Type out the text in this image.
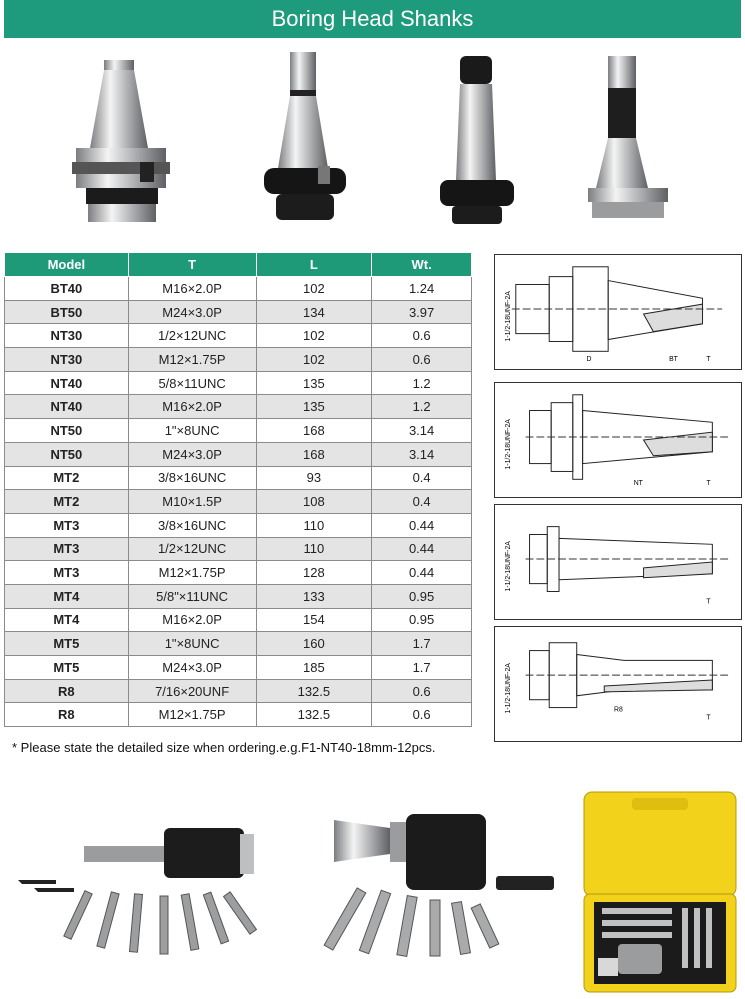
Boring Head Shanks
Model	T	L	Wt.
BT40	M16×2.0P	102	1.24
BT50	M24×3.0P	134	3.97
NT30	1/2×12UNC	102	0.6
NT30	M12×1.75P	102	0.6
NT40	5/8×11UNC	135	1.2
NT40	M16×2.0P	135	1.2
NT50	1"×8UNC	168	3.14
NT50	M24×3.0P	168	3.14
MT2	3/8×16UNC	93	0.4
MT2	M10×1.5P	108	0.4
MT3	3/8×16UNC	110	0.44
MT3	1/2×12UNC	110	0.44
MT3	M12×1.75P	128	0.44
MT4	5/8"×11UNC	133	0.95
MT4	M16×2.0P	154	0.95
MT5	1"×8UNC	160	1.7
MT5	M24×3.0P	185	1.7
R8	7/16×20UNF	132.5	0.6
R8	M12×1.75P	132.5	0.6
1-1/2-18UNF-2A
D	BT	T
1-1/2-18UNF-2A
NT	T
1-1/2-18UNF-2A
T
1-1/2-18UNF-2A	R8
T
* Please state the detailed size when ordering.e.g.F1-NT40-18mm-12pcs.
